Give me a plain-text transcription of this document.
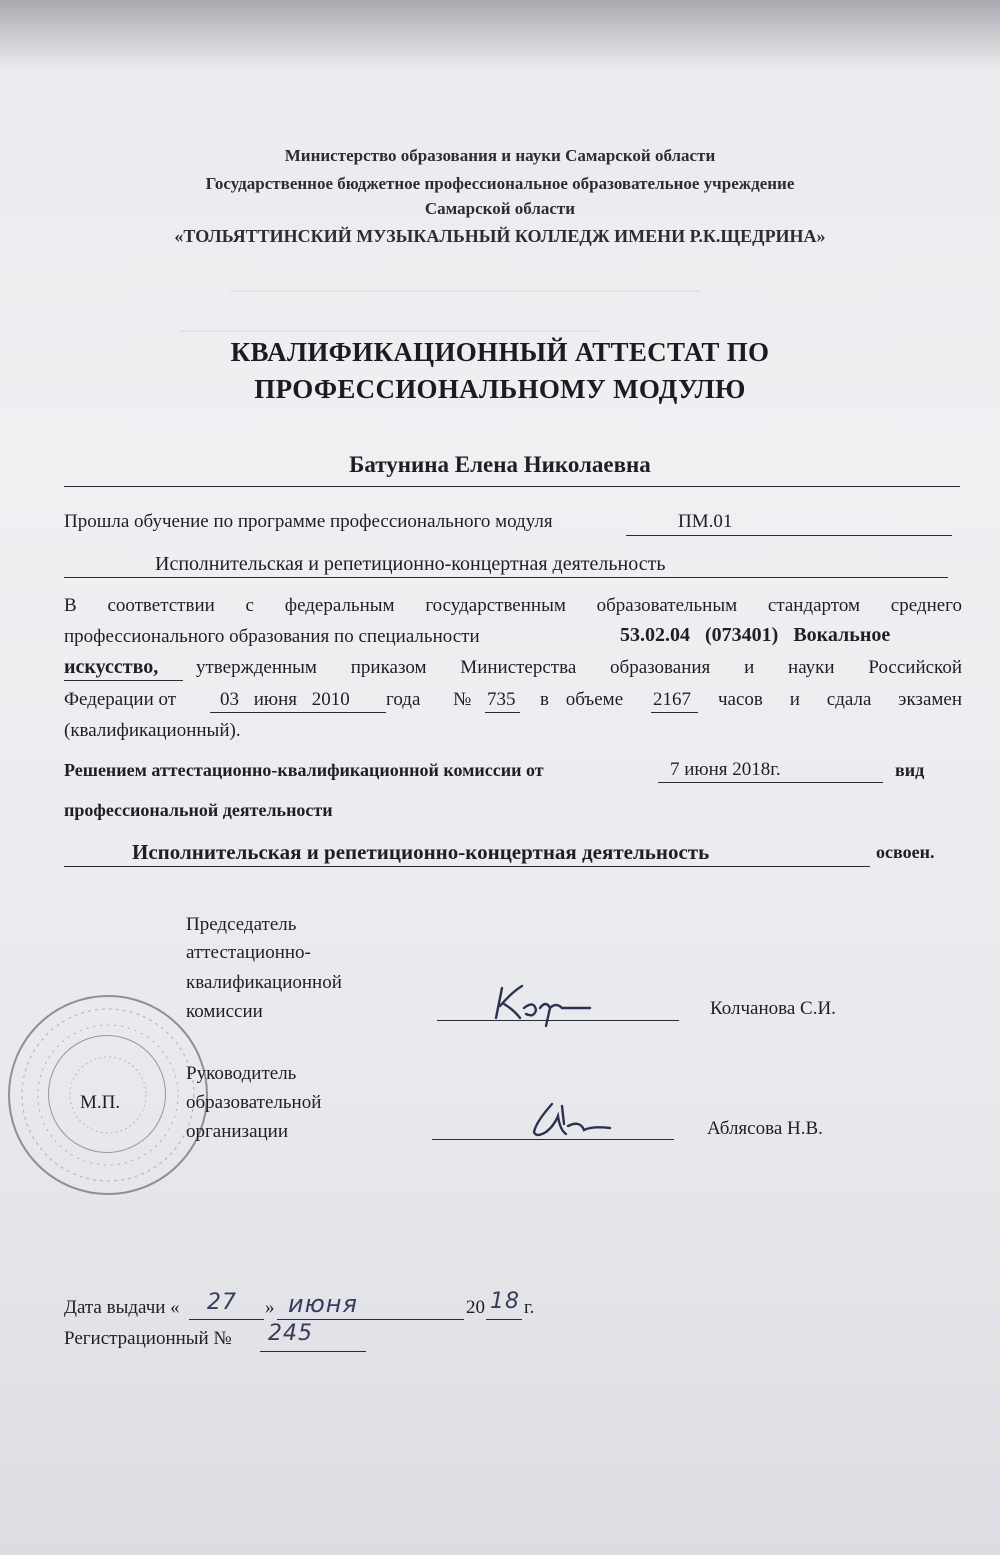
Министерство образования и науки Самарской области
Государственное бюджетное профессиональное образовательное учреждение
Самарской области
«ТОЛЬЯТТИНСКИЙ МУЗЫКАЛЬНЫЙ КОЛЛЕДЖ ИМЕНИ Р.К.ЩЕДРИНА»
КВАЛИФИКАЦИОННЫЙ АТТЕСТАТ ПО
ПРОФЕССИОНАЛЬНОМУ МОДУЛЮ
Батунина Елена Николаевна
Прошла обучение по программе профессионального модуля	ПМ.01
Исполнительская и репетиционно-концертная деятельность
В соответствии с федеральным государственным образовательным стандартом среднего
профессионального образования по специальности	53.02.04 (073401) Вокальное
искусство, утвержденным приказом Министерства образования и науки Российской
Федерации от 03 июня 2010 года № 735 в объеме 2167 часов и сдала экзамен
(квалификационный).
Решением аттестационно-квалификационной комиссии от	7 июня 2018г.	вид
профессиональной деятельности
Исполнительская и репетиционно-концертная деятельность	освоен.
Председатель
аттестационно-
квалификационной
комиссии	Колчанова С.И.
Руководитель
М.П.	образовательной
организации	Аблясова Н.В.
Дата выдачи « 27 » июня	20 18 г.
Регистрационный № 245
